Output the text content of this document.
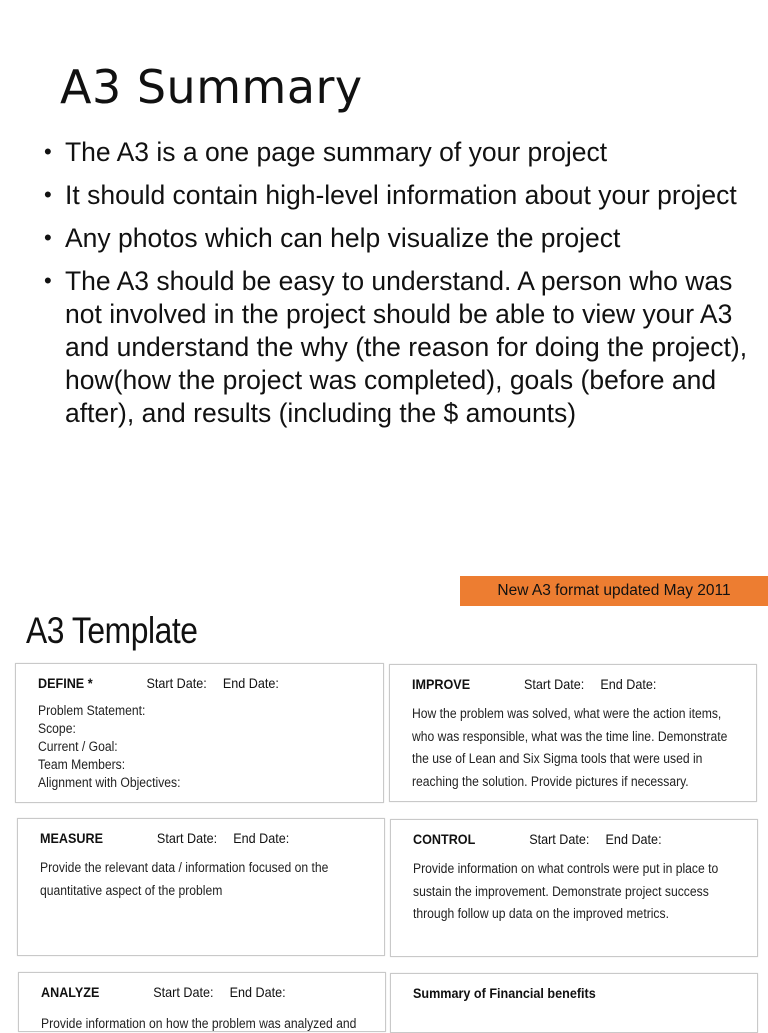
A3 Summary
• The A3 is a one page summary of your project
• It should contain high-level information about your project
• Any photos which can help visualize the project
• The A3 should be easy to understand. A person who was not involved in the project should be able to view your A3 and understand the why (the reason for doing the project), how(how the project was completed), goals (before and after), and results (including the $ amounts)
New A3 format updated May 2011
A3 Template
DEFINE *	Start Date: End Date:
Problem Statement:
Scope:
Current / Goal:
Team Members:
Alignment with Objectives:
IMPROVE	Start Date: End Date:
How the problem was solved, what were the action items,
who was responsible, what was the time line. Demonstrate
the use of Lean and Six Sigma tools that were used in
reaching the solution. Provide pictures if necessary.
MEASURE	Start Date: End Date:
Provide the relevant data / information focused on the
quantitative aspect of the problem
CONTROL	Start Date: End Date:
Provide information on what controls were put in place to
sustain the improvement. Demonstrate project success
through follow up data on the improved metrics.
ANALYZE	Start Date: End Date:
Provide information on how the problem was analyzed and
Summary of Financial benefits
